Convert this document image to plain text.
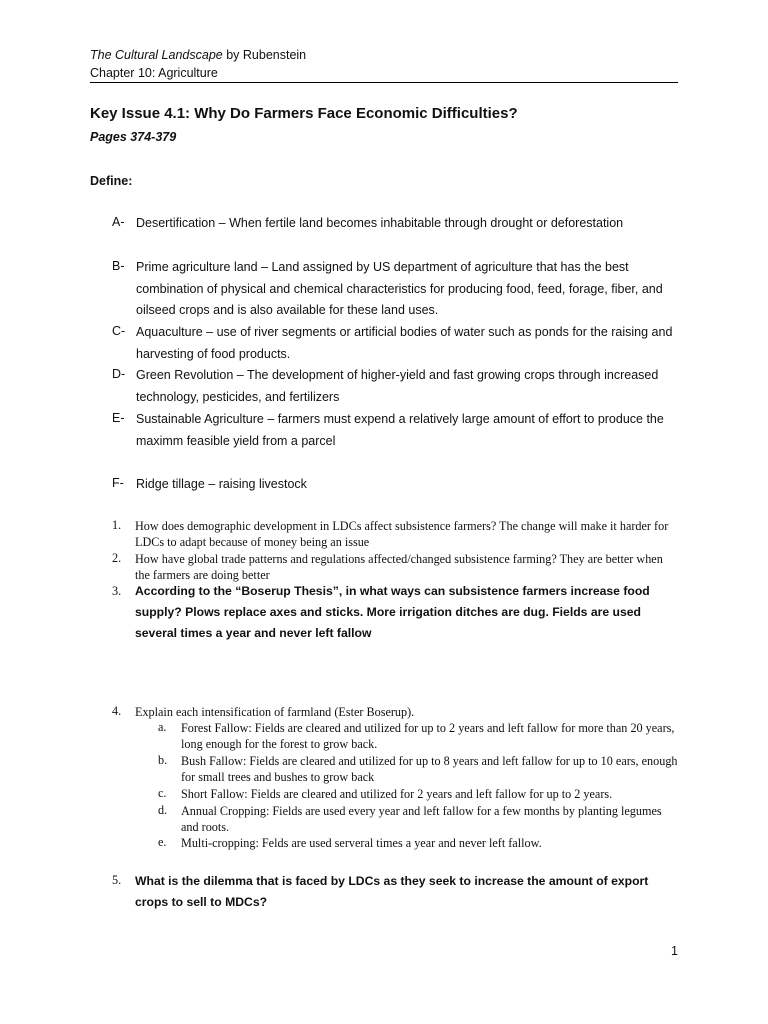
The Cultural Landscape by Rubenstein
Chapter 10: Agriculture
Key Issue 4.1: Why Do Farmers Face Economic Difficulties?
Pages 374-379
Define:
A- Desertification – When fertile land becomes inhabitable through drought or deforestation
B- Prime agriculture land – Land assigned by US department of agriculture that has the best combination of physical and chemical characteristics for producing food, feed, forage, fiber, and oilseed crops and is also available for these land uses.
C- Aquaculture – use of river segments or artificial bodies of water such as ponds for the raising and harvesting of food products.
D- Green Revolution – The development of higher-yield and fast growing crops through increased technology, pesticides, and fertilizers
E- Sustainable Agriculture – farmers must expend a relatively large amount of effort to produce the maximm feasible yield from a parcel
F- Ridge tillage – raising livestock
1. How does demographic development in LDCs affect subsistence farmers? The change will make it harder for LDCs to adapt because of money being an issue
2. How have global trade patterns and regulations affected/changed subsistence farming? They are better when the farmers are doing better
3. According to the “Boserup Thesis”, in what ways can subsistence farmers increase food supply? Plows replace axes and sticks. More irrigation ditches are dug. Fields are used several times a year and never left fallow
4. Explain each intensification of farmland (Ester Boserup).
a. Forest Fallow: Fields are cleared and utilized for up to 2 years and left fallow for more than 20 years, long enough for the forest to grow back.
b. Bush Fallow: Fields are cleared and utilized for up to 8 years and left fallow for up to 10 ears, enough for small trees and bushes to grow back
c. Short Fallow: Fields are cleared and utilized for 2 years and left fallow for up to 2 years.
d. Annual Cropping: Fields are used every year and left fallow for a few months by planting legumes and roots.
e. Multi-cropping: Felds are used serveral times a year and never left fallow.
5. What is the dilemma that is faced by LDCs as they seek to increase the amount of export crops to sell to MDCs?
1
